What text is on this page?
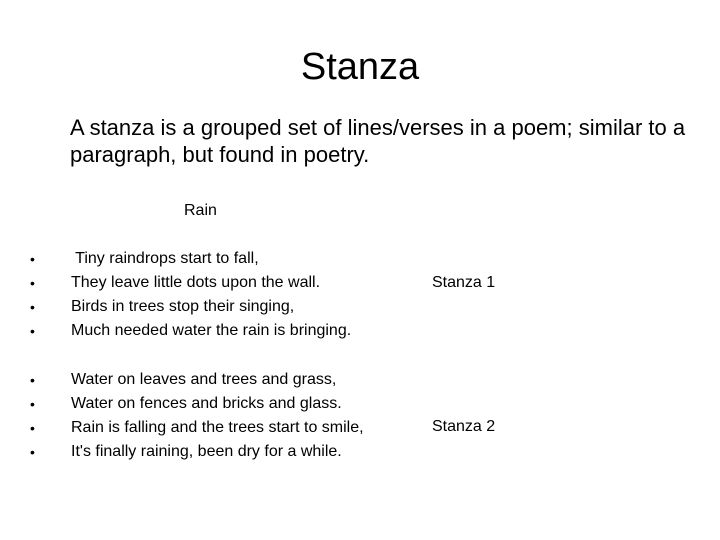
Stanza
A stanza is a grouped set of lines/verses in a poem; similar to a paragraph, but found in poetry.
Rain
• Tiny raindrops start to fall,
• They leave little dots upon the wall.
• Birds in trees stop their singing,
• Much needed water the rain is bringing.
Stanza 1
• Water on leaves and trees and grass,
• Water on fences and bricks and glass.
• Rain is falling and the trees start to smile,
• It's finally raining, been dry for a while.
Stanza 2
